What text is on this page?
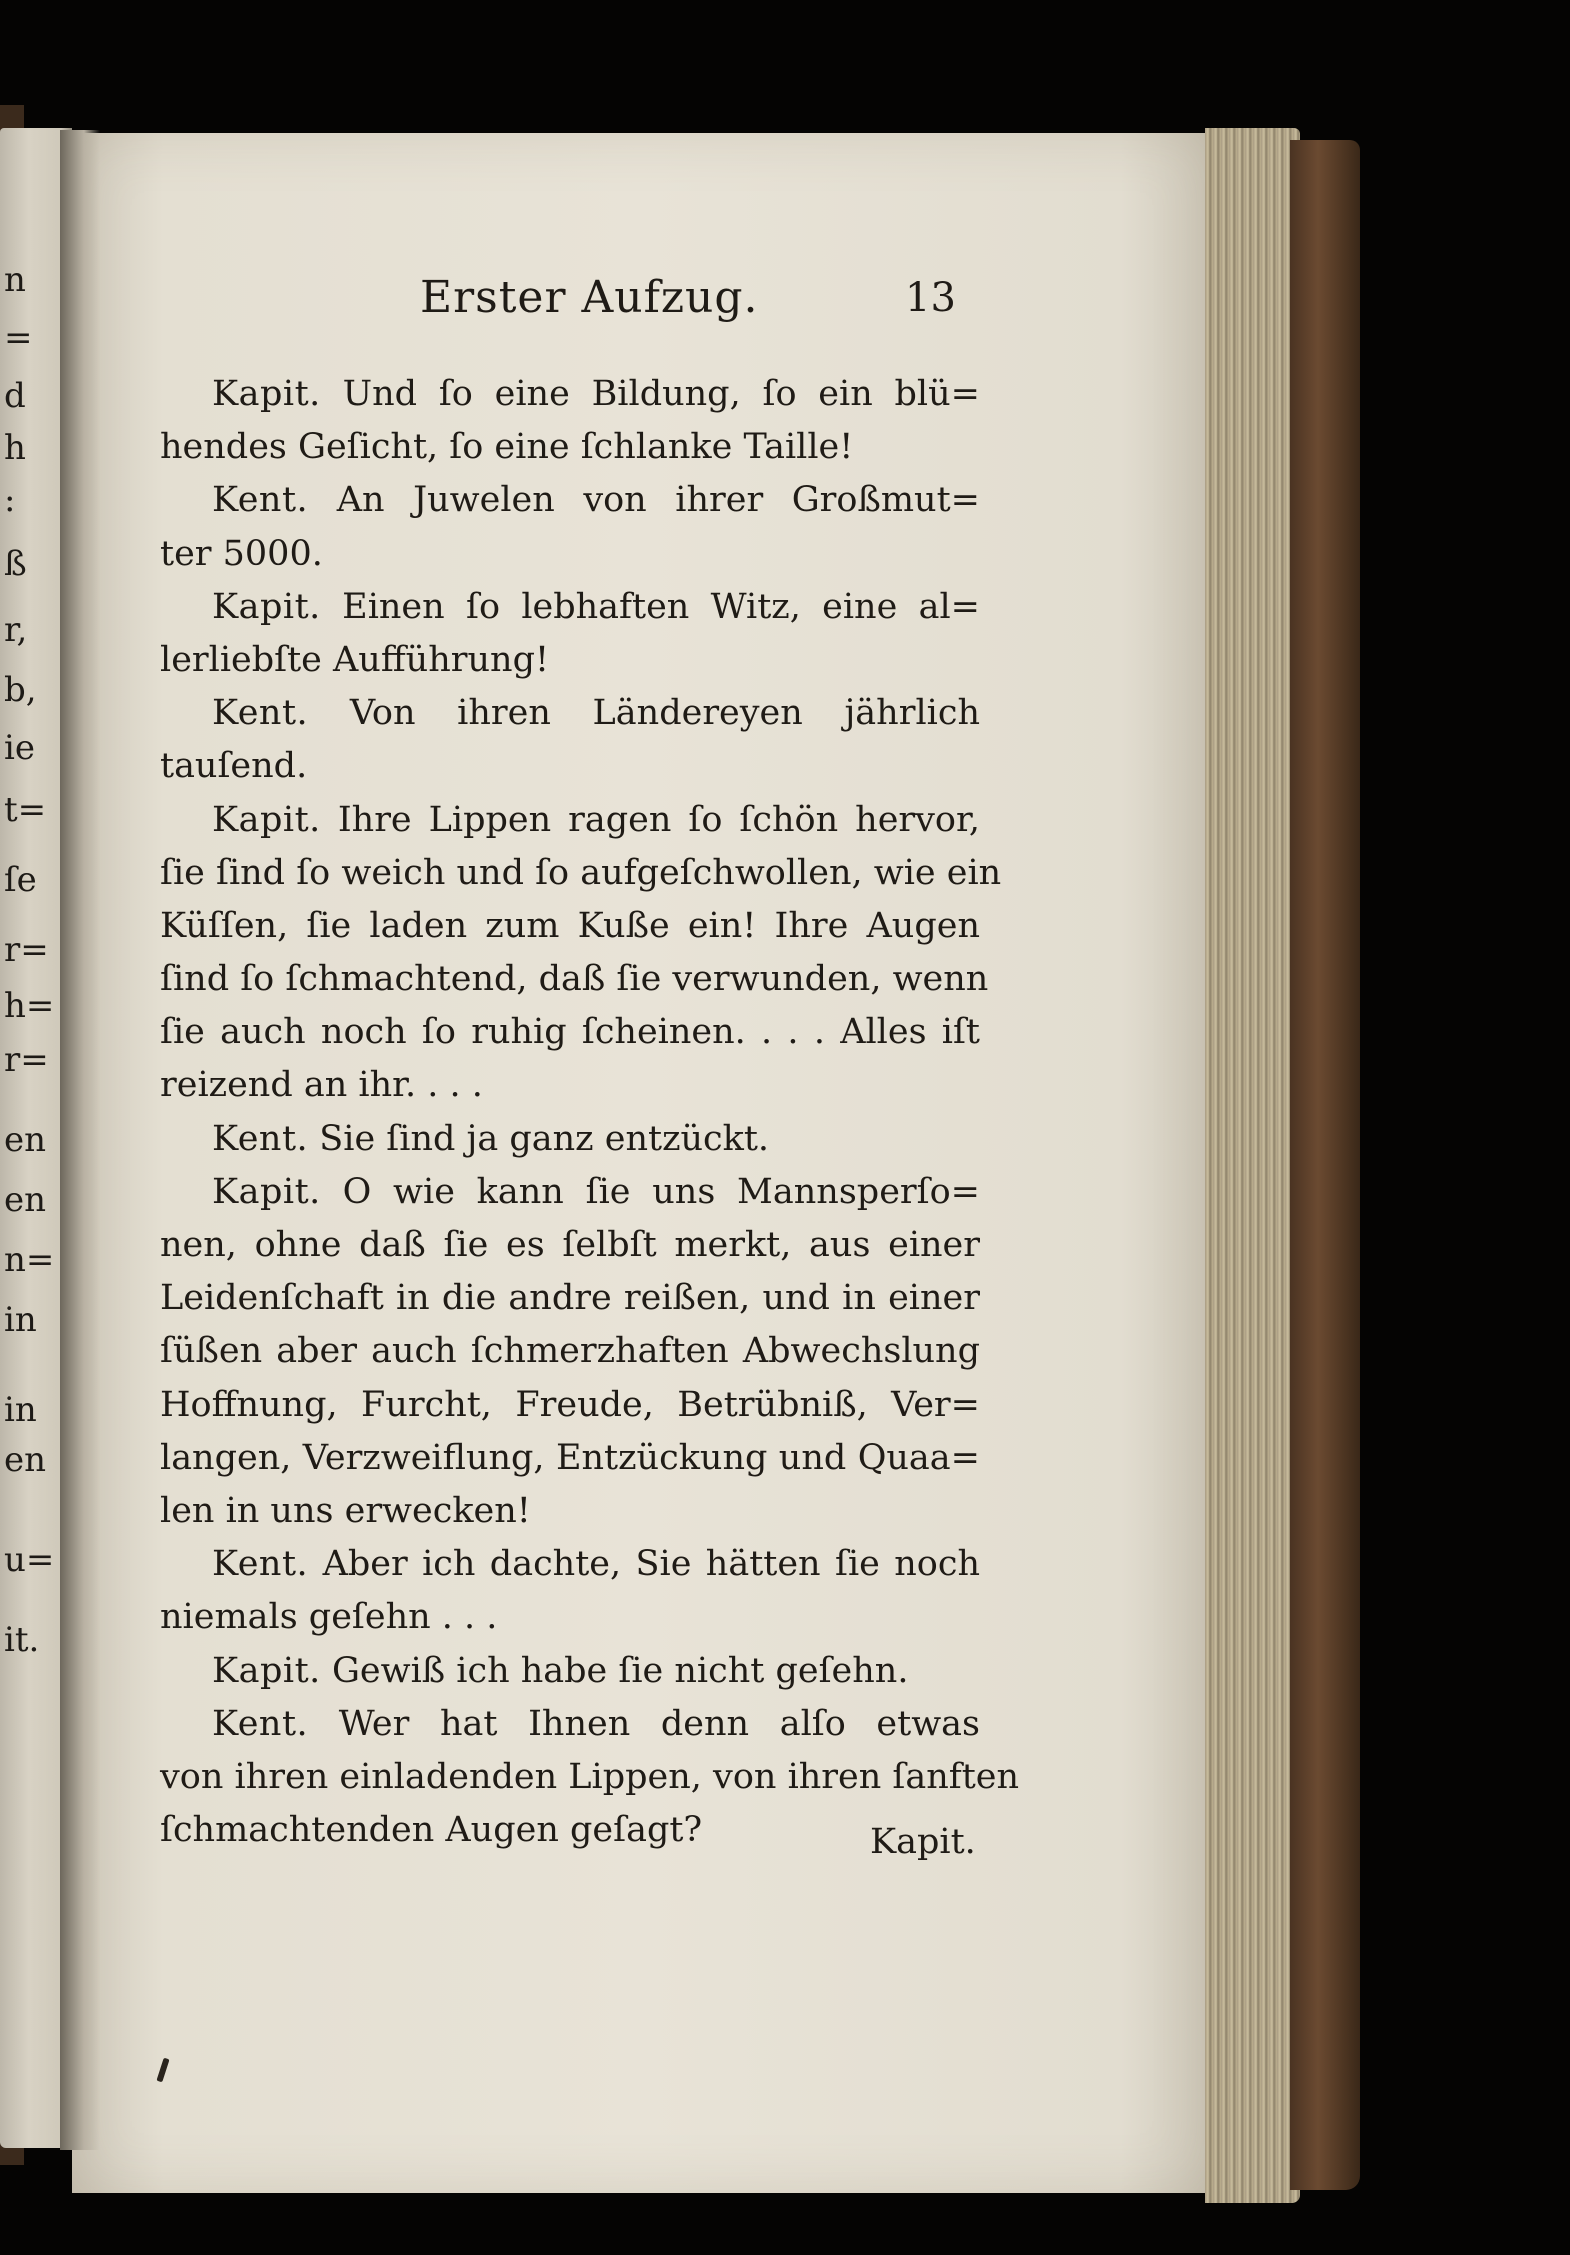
n
=
d
h
:
ß
r,
b,
ie
t=
ſe
r=
h=
r=
en
en
n=
in
in
en
u=
it.
Erster Aufzug.	13
Kapit. Und ſo eine Bildung, ſo ein blü=
hendes Geſicht, ſo eine ſchlanke Taille!
Kent. An Juwelen von ihrer Großmut=
ter 5000.
Kapit. Einen ſo lebhaften Witz, eine al=
lerliebſte Aufführung!
Kent. Von ihren Ländereyen jährlich
tauſend.
Kapit. Ihre Lippen ragen ſo ſchön hervor,
ſie ſind ſo weich und ſo aufgeſchwollen, wie ein
Küſſen, ſie laden zum Kuße ein! Ihre Augen
ſind ſo ſchmachtend, daß ſie verwunden, wenn
ſie auch noch ſo ruhig ſcheinen. . . . Alles iſt
reizend an ihr. . . .
Kent. Sie ſind ja ganz entzückt.
Kapit. O wie kann ſie uns Mannsperſo=
nen, ohne daß ſie es ſelbſt merkt, aus einer
Leidenſchaft in die andre reißen, und in einer
ſüßen aber auch ſchmerzhaften Abwechslung
Hoffnung, Furcht, Freude, Betrübniß, Ver=
langen, Verzweiflung, Entzückung und Quaa=
len in uns erwecken!
Kent. Aber ich dachte, Sie hätten ſie noch
niemals geſehn . . .
Kapit. Gewiß ich habe ſie nicht geſehn.
Kent. Wer hat Ihnen denn alſo etwas
von ihren einladenden Lippen, von ihren ſanften
ſchmachtenden Augen geſagt?	Kapit.
